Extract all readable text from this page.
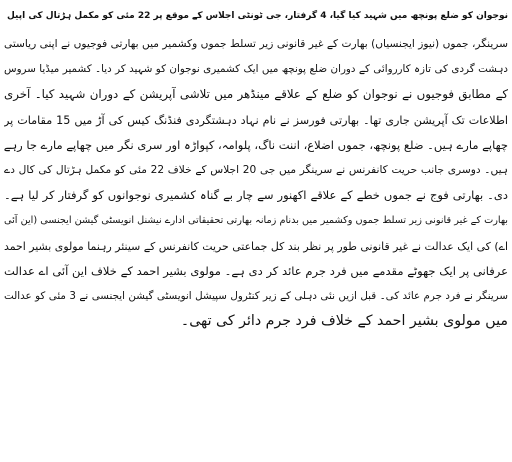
نوجوان کو ضلع پونچھ میں شہید کیا گیا، 4 گرفتار، جی ٹونٹی اجلاس کے موقع پر 22 مئی کو مکمل ہڑتال کی اپیل
سرینگر، جموں (نیوز ایجنسیاں) بھارت کے غیر قانونی زیر تسلط جموں وکشمیر میں بھارتی فوجیوں نے اپنی ریاستی
دہشت گردی کی تازہ کارروائی کے دوران ضلع پونچھ میں ایک کشمیری نوجوان کو شہید کر دیا۔ کشمیر میڈیا سروس
کے مطابق فوجیوں نے نوجوان کو ضلع کے علاقے مینڈھر میں تلاشی آپریشن کے دوران شہید کیا۔ آخری
اطلاعات تک آپریشن جاری تھا۔ بھارتی فورسز نے نام نہاد دہشتگردی فنڈنگ کیس کی آڑ میں 15 مقامات پر
چھاپے مارے ہیں۔ ضلع پونچھ، جموں اضلاع، اننت ناگ، پلوامہ، کپواڑہ اور سری نگر میں چھاپے مارے جا رہے
ہیں۔ دوسری جانب حریت کانفرنس نے سرینگر میں جی 20 اجلاس کے خلاف 22 مئی کو مکمل ہڑتال کی کال دے
دی۔ بھارتی فوج نے جموں خطے کے علاقے اکھنور سے چار بے گناہ کشمیری نوجوانوں کو گرفتار کر لیا ہے۔
بھارت کے غیر قانونی زیر تسلط جموں وکشمیر میں بدنام زمانہ بھارتی تحقیقاتی ادارے نیشنل انویسٹی گیشن ایجنسی (این آئی
اے) کی ایک عدالت نے غیر قانونی طور پر نظر بند کل جماعتی حریت کانفرنس کے سینئر رہنما مولوی بشیر احمد
عرفانی پر ایک جھوٹے مقدمے میں فرد جرم عائد کر دی ہے۔ مولوی بشیر احمد کے خلاف این آئی اے عدالت
سرینگر نے فرد جرم عائد کی۔ قبل ازیں نئی دہلی کے زیر کنٹرول سپیشل انویسٹی گیشن ایجنسی نے 3 مئی کو عدالت
میں مولوی بشیر احمد کے خلاف فرد جرم دائر کی تھی۔
